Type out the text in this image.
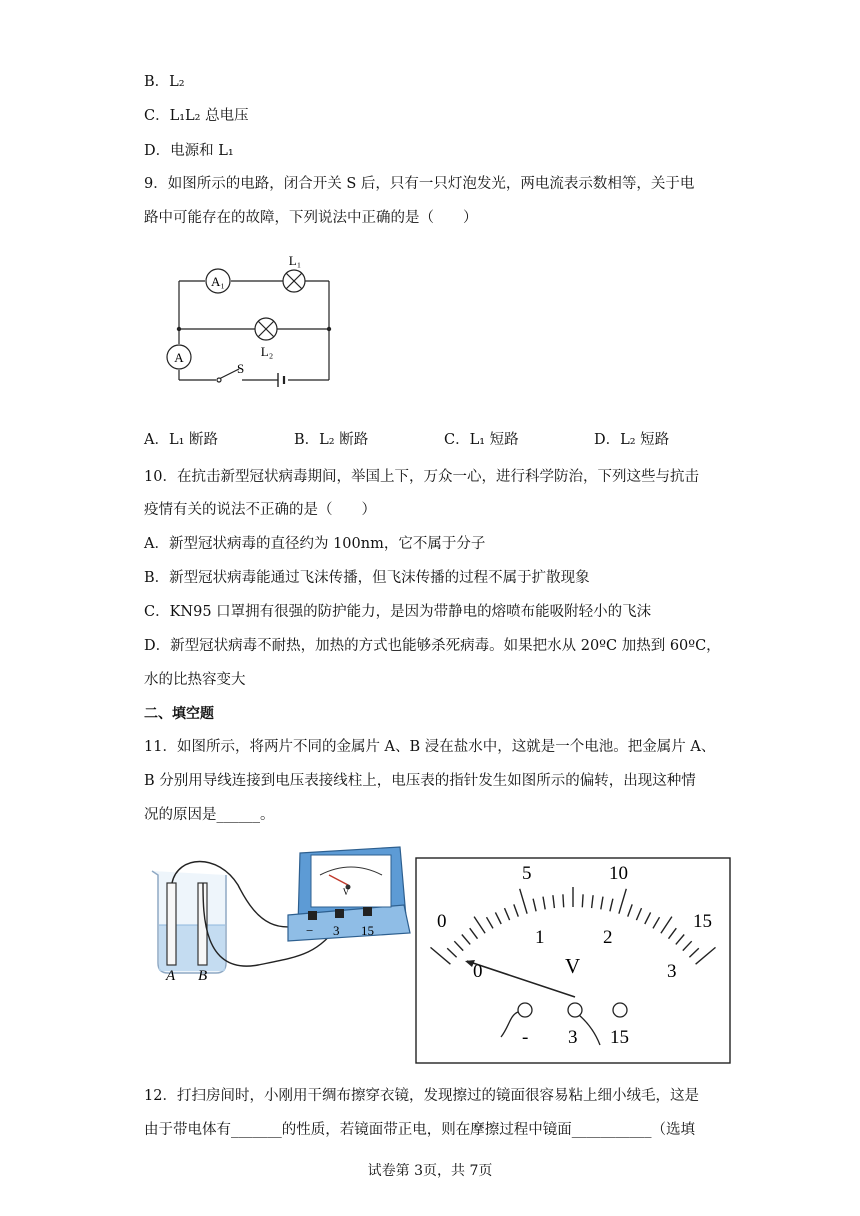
B．L₂
C．L₁L₂ 总电压
D．电源和 L₁
9．如图所示的电路，闭合开关 S 后，只有一只灯泡发光，两电流表示数相等，关于电
路中可能存在的故障，下列说法中正确的是（　　）
A₁
L₁
L₂
A
S
A．L₁ 断路	B．L₂ 断路	C．L₁ 短路	D．L₂ 短路
10．在抗击新型冠状病毒期间，举国上下，万众一心，进行科学防治，下列这些与抗击
疫情有关的说法不正确的是（　　）
A．新型冠状病毒的直径约为 100nm，它不属于分子
B．新型冠状病毒能通过飞沫传播，但飞沫传播的过程不属于扩散现象
C．KN95 口罩拥有很强的防护能力，是因为带静电的熔喷布能吸附轻小的飞沫
D．新型冠状病毒不耐热，加热的方式也能够杀死病毒。如果把水从 20ºC 加热到 60ºC，
水的比热容变大
二、填空题
11．如图所示，将两片不同的金属片 A、B 浸在盐水中，这就是一个电池。把金属片 A、
B 分别用导线连接到电压表接线柱上，电压表的指针发生如图所示的偏转，出现这种情
况的原因是______。
A B
V
− 3 15	0
5	10
15
0
1	2
3
V
- 3 15
12．打扫房间时，小刚用干绸布擦穿衣镜，发现擦过的镜面很容易粘上细小绒毛，这是
由于带电体有_______的性质，若镜面带正电，则在摩擦过程中镜面___________（选填
试卷第 3页，共 7页
